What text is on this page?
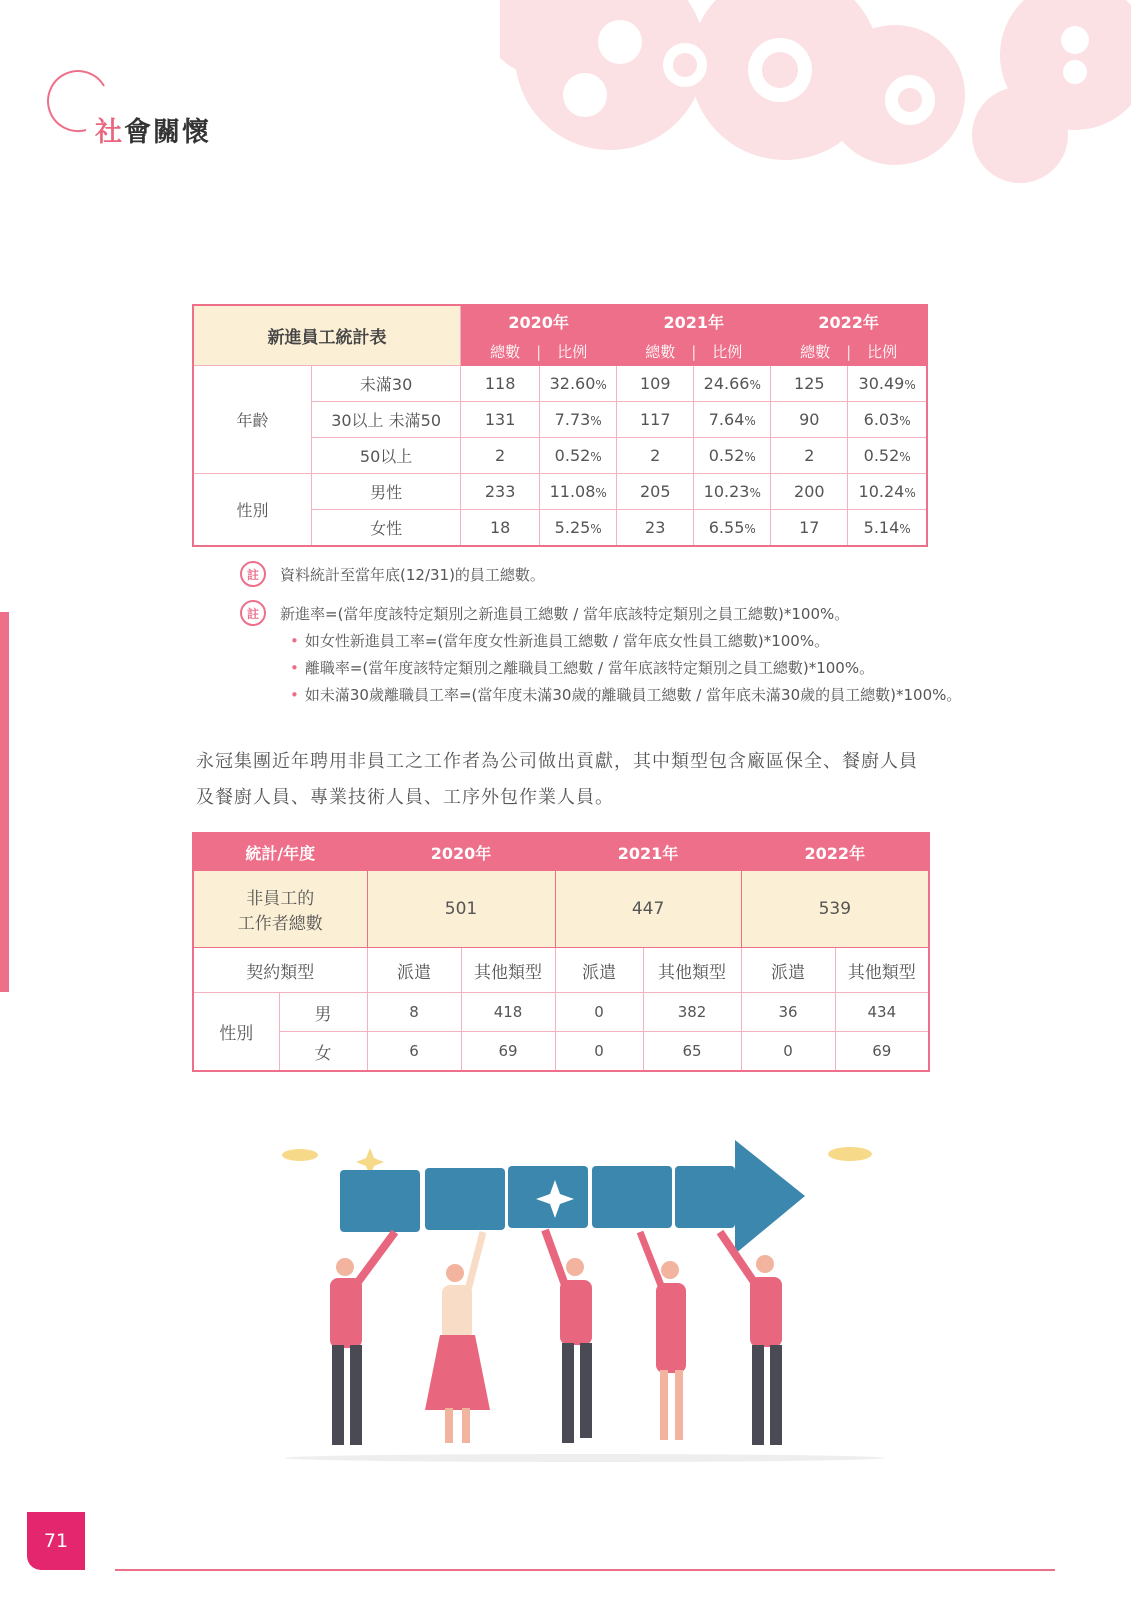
社會關懷
新進員工統計表		2020年		2021年		2022年	
		總數 | 比例		總數 | 比例		總數 | 比例	
年齡	未滿30	118	32.60%	109	24.66%	125	30.49%
	30以上 未滿50	131	7.73%	117	7.64%	90	6.03%
	50以上	2	0.52%	2	0.52%	2	0.52%
性別	男性	233	11.08%	205	10.23%	200	10.24%
	女性	18	5.25%	23	6.55%	17	5.14%
註	資料統計至當年底(12/31)的員工總數。
註	新進率=(當年度該特定類別之新進員工總數 / 當年底該特定類別之員工總數)*100%。
• 如女性新進員工率=(當年度女性新進員工總數 / 當年底女性員工總數)*100%。
• 離職率=(當年度該特定類別之離職員工總數 / 當年底該特定類別之員工總數)*100%。
• 如未滿30歲離職員工率=(當年度未滿30歲的離職員工總數 / 當年底未滿30歲的員工總數)*100%。
永冠集團近年聘用非員工之工作者為公司做出貢獻，其中類型包含廠區保全、餐廚人員
及餐廚人員、專業技術人員、工序外包作業人員。
統計/年度		2020年		2021年		2022年	

非員工的
工作者總數		501		447		539	
契約類型		派遣	其他類型	派遣	其他類型	派遣	其他類型
性別	男	8	418	0	382	36	434
	女	6	69	0	65	0	69
71
